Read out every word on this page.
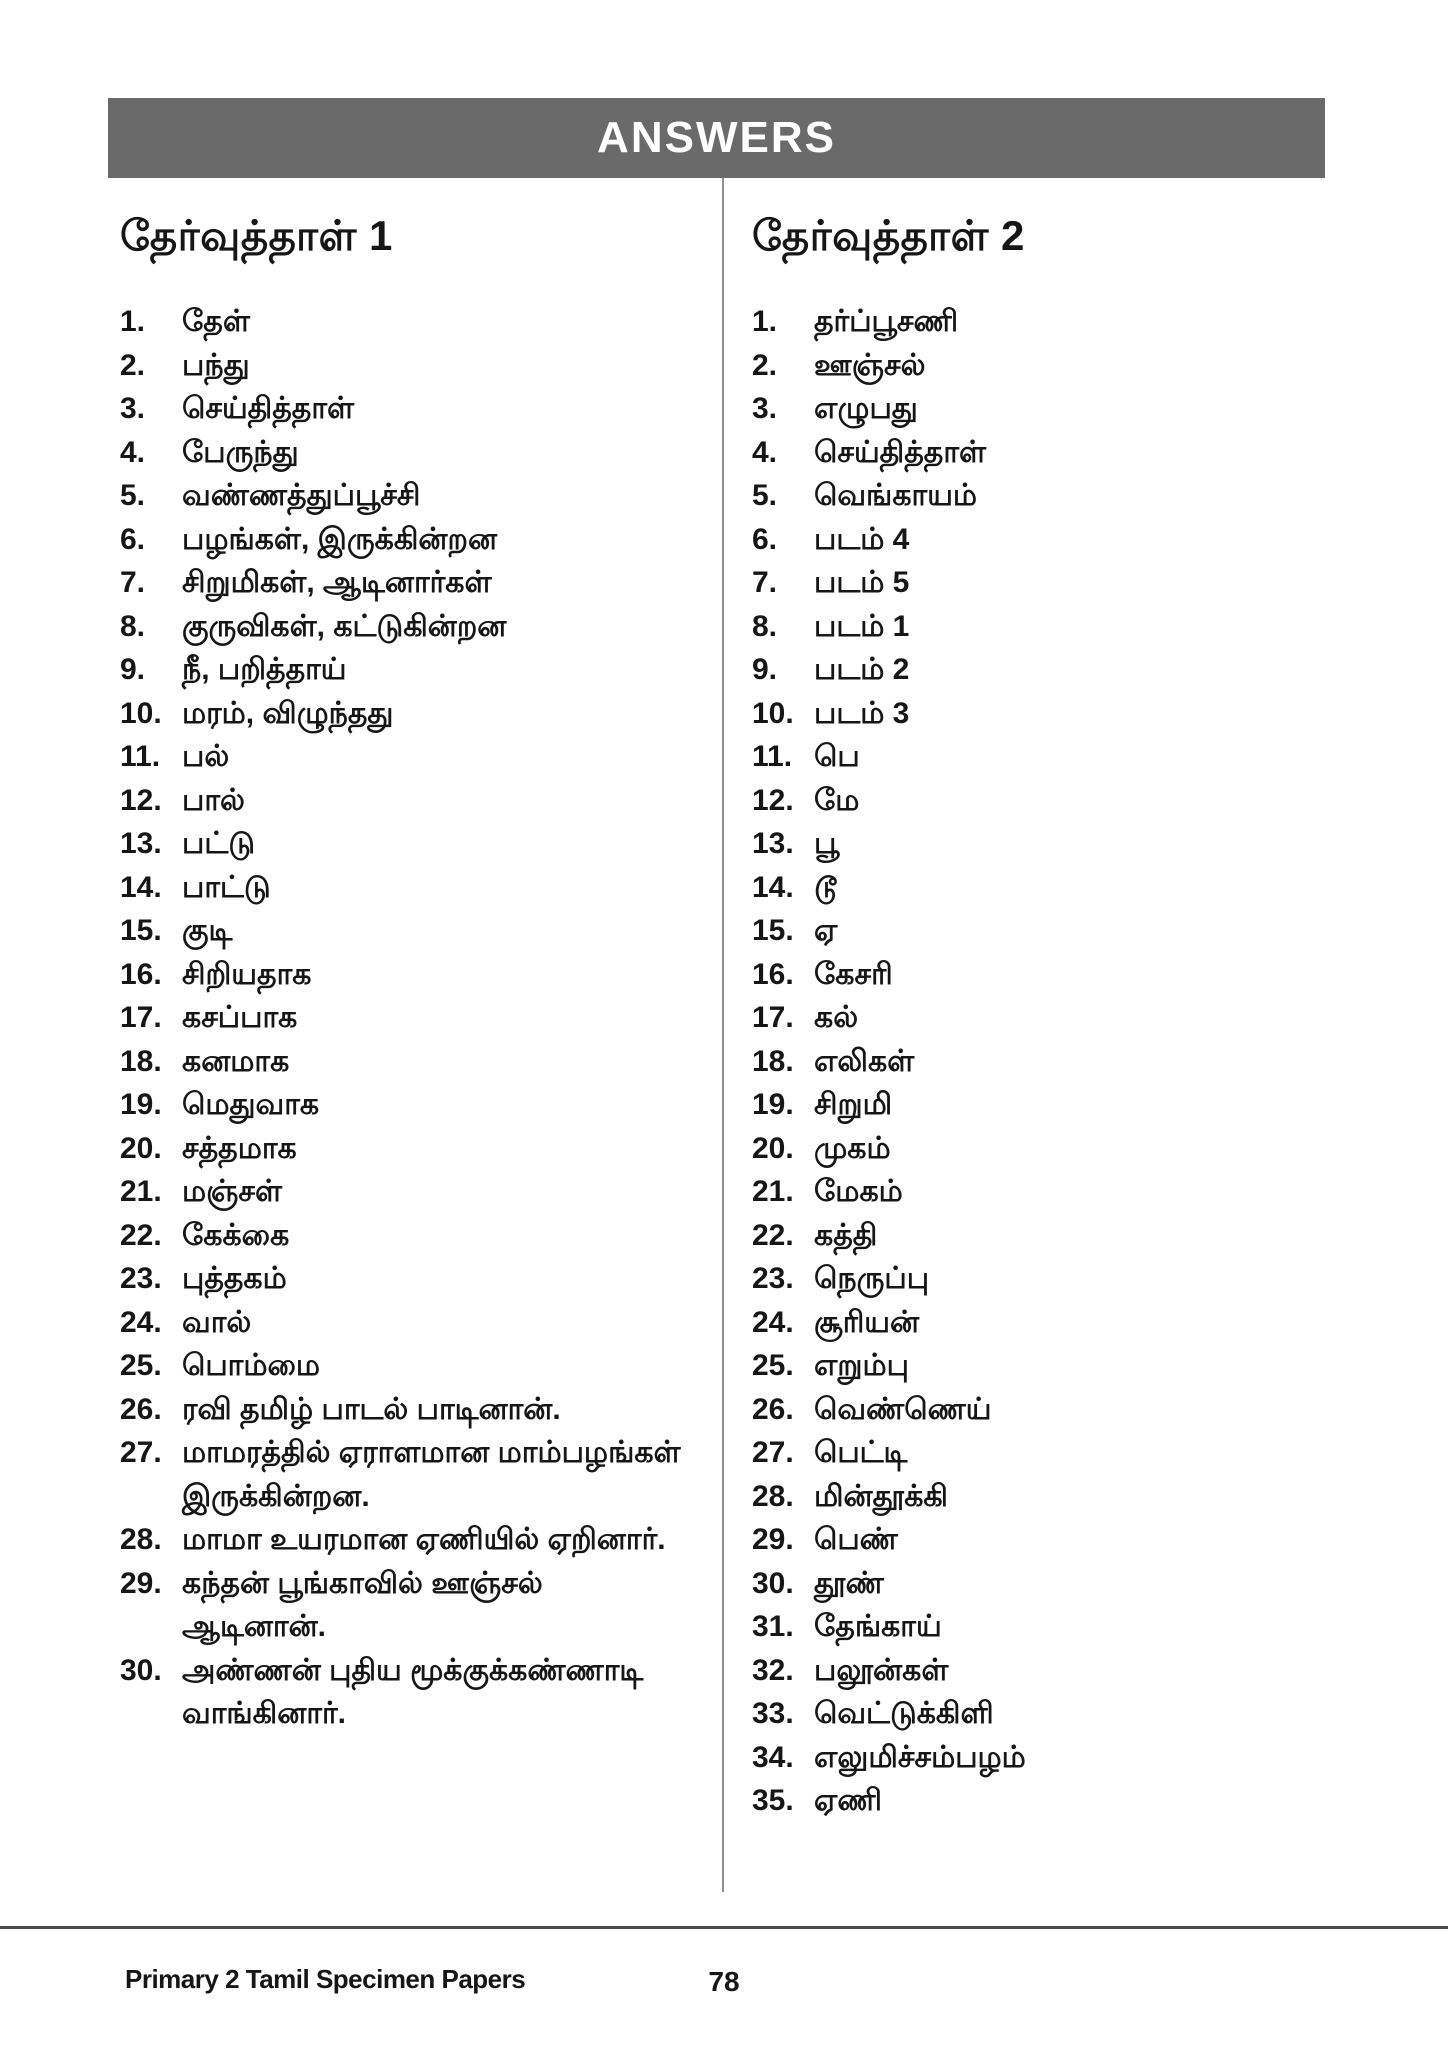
ANSWERS
தேர்வுத்தாள் 1
1.	தேள்
2.	பந்து
3.	செய்தித்தாள்
4.	பேருந்து
5.	வண்ணத்துப்பூச்சி
6.	பழங்கள், இருக்கின்றன
7.	சிறுமிகள், ஆடினார்கள்
8.	குருவிகள், கட்டுகின்றன
9.	நீ, பறித்தாய்
10. மரம், விழுந்தது
11. பல்
12. பால்
13. பட்டு
14. பாட்டு
15. குடி
16. சிறியதாக
17. கசப்பாக
18. கனமாக
19. மெதுவாக
20. சத்தமாக
21. மஞ்சள்
22. கேக்கை
23. புத்தகம்
24. வால்
25. பொம்மை
26. ரவி தமிழ் பாடல் பாடினான்.
27. மாமரத்தில் ஏராளமான மாம்பழங்கள் இருக்கின்றன.
28. மாமா உயரமான ஏணியில் ஏறினார்.
29. கந்தன் பூங்காவில் ஊஞ்சல் ஆடினான்.
30. அண்ணன் புதிய மூக்குக்கண்ணாடி வாங்கினார்.
தேர்வுத்தாள் 2
1.	தர்ப்பூசணி
2.	ஊஞ்சல்
3.	எழுபது
4.	செய்தித்தாள்
5.	வெங்காயம்
6.	படம் 4
7.	படம் 5
8.	படம் 1
9.	படம் 2
10. படம் 3
11. பெ
12. மே
13. பூ
14. டூ
15. ஏ
16. கேசரி
17. கல்
18. எலிகள்
19. சிறுமி
20. முகம்
21. மேகம்
22. கத்தி
23. நெருப்பு
24. சூரியன்
25. எறும்பு
26. வெண்ணெய்
27. பெட்டி
28. மின்தூக்கி
29. பெண்
30. தூண்
31. தேங்காய்
32. பலூன்கள்
33. வெட்டுக்கிளி
34. எலுமிச்சம்பழம்
35. ஏணி
Primary 2 Tamil Specimen Papers	78
